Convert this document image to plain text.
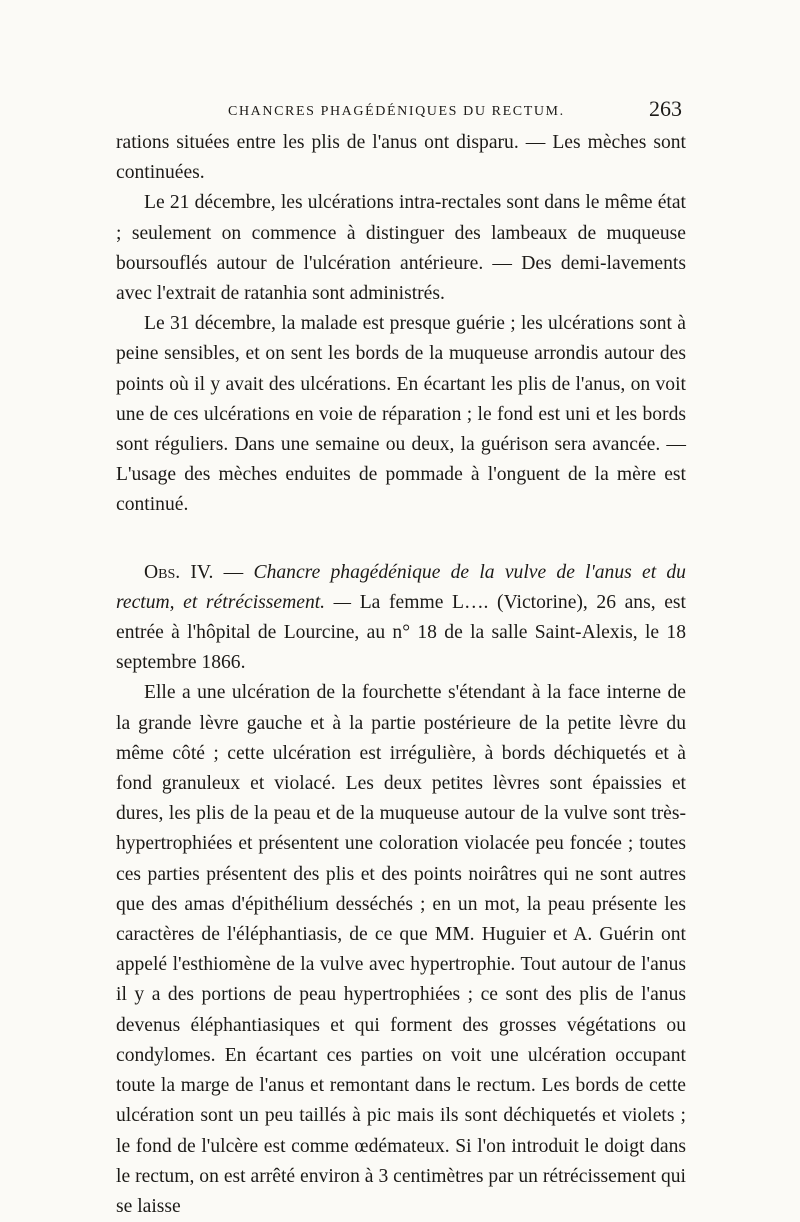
CHANCRES PHAGÉDÉNIQUES DU RECTUM.	263

rations situées entre les plis de l'anus ont disparu. — Les mèches sont continuées.

Le 21 décembre, les ulcérations intra-rectales sont dans le même état ; seulement on commence à distinguer des lambeaux de muqueuse boursouflés autour de l'ulcération antérieure. — Des demi-lavements avec l'extrait de ratanhia sont administrés.

Le 31 décembre, la malade est presque guérie ; les ulcérations sont à peine sensibles, et on sent les bords de la muqueuse arrondis autour des points où il y avait des ulcérations. En écartant les plis de l'anus, on voit une de ces ulcérations en voie de réparation ; le fond est uni et les bords sont réguliers. Dans une semaine ou deux, la guérison sera avancée. — L'usage des mèches enduites de pommade à l'onguent de la mère est continué.

Obs. IV. — Chancre phagédénique de la vulve de l'anus et du rectum, et rétrécissement. — La femme L…. (Victorine), 26 ans, est entrée à l'hôpital de Lourcine, au n° 18 de la salle Saint-Alexis, le 18 septembre 1866.

Elle a une ulcération de la fourchette s'étendant à la face interne de la grande lèvre gauche et à la partie postérieure de la petite lèvre du même côté ; cette ulcération est irrégulière, à bords déchiquetés et à fond granuleux et violacé. Les deux petites lèvres sont épaissies et dures, les plis de la peau et de la muqueuse autour de la vulve sont très-hypertrophiées et présentent une coloration violacée peu foncée ; toutes ces parties présentent des plis et des points noirâtres qui ne sont autres que des amas d'épithélium desséchés ; en un mot, la peau présente les caractères de l'éléphantiasis, de ce que MM. Huguier et A. Guérin ont appelé l'esthiomène de la vulve avec hypertrophie. Tout autour de l'anus il y a des portions de peau hypertrophiées ; ce sont des plis de l'anus devenus éléphantiasiques et qui forment des grosses végétations ou condylomes. En écartant ces parties on voit une ulcération occupant toute la marge de l'anus et remontant dans le rectum. Les bords de cette ulcération sont un peu taillés à pic mais ils sont déchiquetés et violets ; le fond de l'ulcère est comme œdémateux. Si l'on introduit le doigt dans le rectum, on est arrêté environ à 3 centimètres par un rétrécissement qui se laisse
